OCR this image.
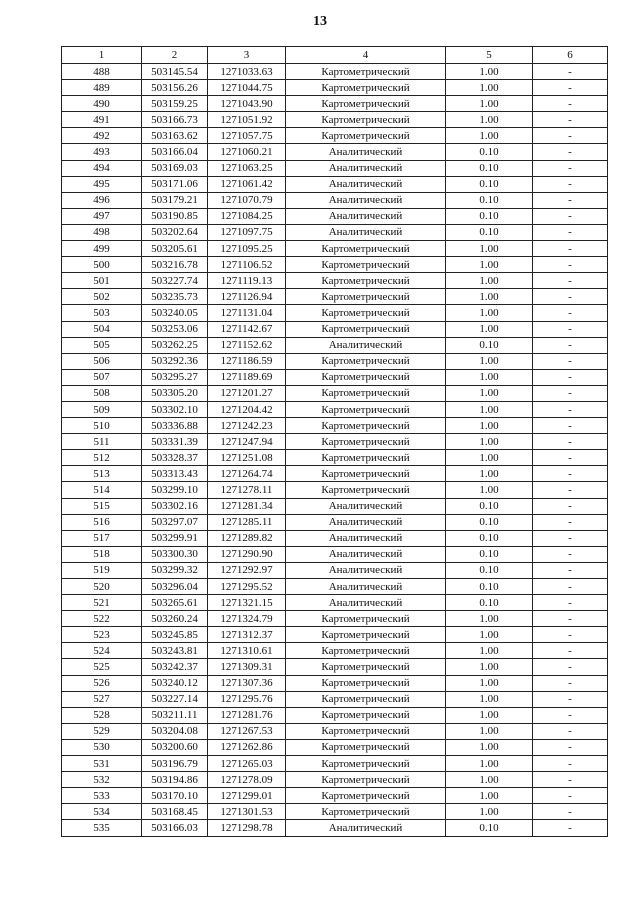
13
1	2	3	4	5	6
488	503145.54	1271033.63	Картометрический	1.00	-
489	503156.26	1271044.75	Картометрический	1.00	-
490	503159.25	1271043.90	Картометрический	1.00	-
491	503166.73	1271051.92	Картометрический	1.00	-
492	503163.62	1271057.75	Картометрический	1.00	-
493	503166.04	1271060.21	Аналитический	0.10	-
494	503169.03	1271063.25	Аналитический	0.10	-
495	503171.06	1271061.42	Аналитический	0.10	-
496	503179.21	1271070.79	Аналитический	0.10	-
497	503190.85	1271084.25	Аналитический	0.10	-
498	503202.64	1271097.75	Аналитический	0.10	-
499	503205.61	1271095.25	Картометрический	1.00	-
500	503216.78	1271106.52	Картометрический	1.00	-
501	503227.74	1271119.13	Картометрический	1.00	-
502	503235.73	1271126.94	Картометрический	1.00	-
503	503240.05	1271131.04	Картометрический	1.00	-
504	503253.06	1271142.67	Картометрический	1.00	-
505	503262.25	1271152.62	Аналитический	0.10	-
506	503292.36	1271186.59	Картометрический	1.00	-
507	503295.27	1271189.69	Картометрический	1.00	-
508	503305.20	1271201.27	Картометрический	1.00	-
509	503302.10	1271204.42	Картометрический	1.00	-
510	503336.88	1271242.23	Картометрический	1.00	-
511	503331.39	1271247.94	Картометрический	1.00	-
512	503328.37	1271251.08	Картометрический	1.00	-
513	503313.43	1271264.74	Картометрический	1.00	-
514	503299.10	1271278.11	Картометрический	1.00	-
515	503302.16	1271281.34	Аналитический	0.10	-
516	503297.07	1271285.11	Аналитический	0.10	-
517	503299.91	1271289.82	Аналитический	0.10	-
518	503300.30	1271290.90	Аналитический	0.10	-
519	503299.32	1271292.97	Аналитический	0.10	-
520	503296.04	1271295.52	Аналитический	0.10	-
521	503265.61	1271321.15	Аналитический	0.10	-
522	503260.24	1271324.79	Картометрический	1.00	-
523	503245.85	1271312.37	Картометрический	1.00	-
524	503243.81	1271310.61	Картометрический	1.00	-
525	503242.37	1271309.31	Картометрический	1.00	-
526	503240.12	1271307.36	Картометрический	1.00	-
527	503227.14	1271295.76	Картометрический	1.00	-
528	503211.11	1271281.76	Картометрический	1.00	-
529	503204.08	1271267.53	Картометрический	1.00	-
530	503200.60	1271262.86	Картометрический	1.00	-
531	503196.79	1271265.03	Картометрический	1.00	-
532	503194.86	1271278.09	Картометрический	1.00	-
533	503170.10	1271299.01	Картометрический	1.00	-
534	503168.45	1271301.53	Картометрический	1.00	-
535	503166.03	1271298.78	Аналитический	0.10	-
